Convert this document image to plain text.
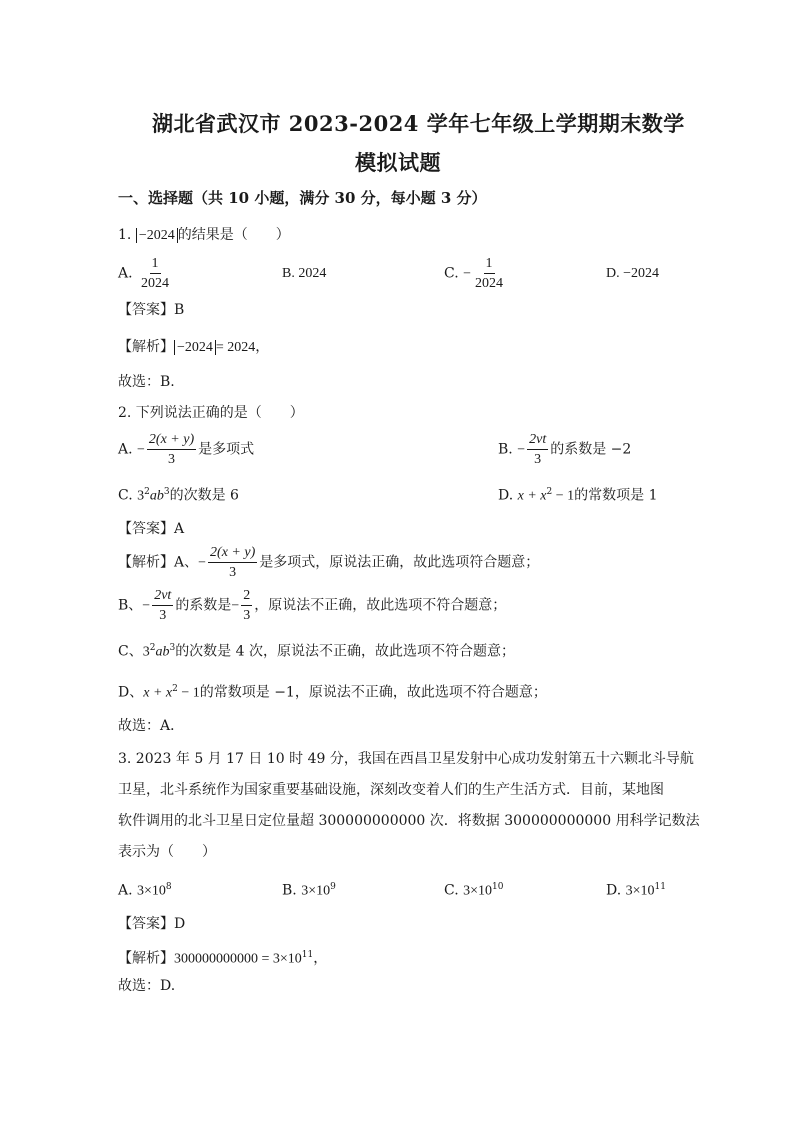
湖北省武汉市 2023-2024 学年七年级上学期期末数学
模拟试题
一、选择题（共 10 小题，满分 30 分，每小题 3 分）
1. −2024 的结果是（　　）
A. $\frac{1}{2024}$	B. 2024	C. − $\frac{1}{2024}$	D. −2024
【答案】B
【解析】 −2024 = 2024，
故选：B.
2. 下列说法正确的是（　　）
A. − $\frac{2(x + y)}{3}$ 是多项式	B. − $\frac{2vt}{3}$ 的系数是 −2
C. $3^2ab^3$的次数是 6	D. $x + x^2 - 1$的常数项是 1
【答案】A
【解析】A、− $\frac{2(x + y)}{3}$ 是多项式，原说法正确，故此选项符合题意；
B、− $\frac{2vt}{3}$ 的系数是− $\frac{2}{3}$ ，原说法不正确，故此选项不符合题意；
C、$3^2ab^3$的次数是 4 次，原说法不正确，故此选项不符合题意；
D、$x + x^2 - 1$的常数项是 −1，原说法不正确，故此选项不符合题意；
故选：A．
3. 2023 年 5 月 17 日 10 时 49 分，我国在西昌卫星发射中心成功发射第五十六颗北斗导航
卫星，北斗系统作为国家重要基础设施，深刻改变着人们的生产生活方式．目前，某地图
软件调用的北斗卫星日定位量超 300000000000 次．将数据 300000000000 用科学记数法
表示为（　　）
A. $3\times 10^8$	B. $3\times 10^9$	C. $3\times 10^{10}$	D. $3\times 10^{11}$
【答案】D
【解析】$300000000000 = 3\times 10^{11}$，
故选：D.
